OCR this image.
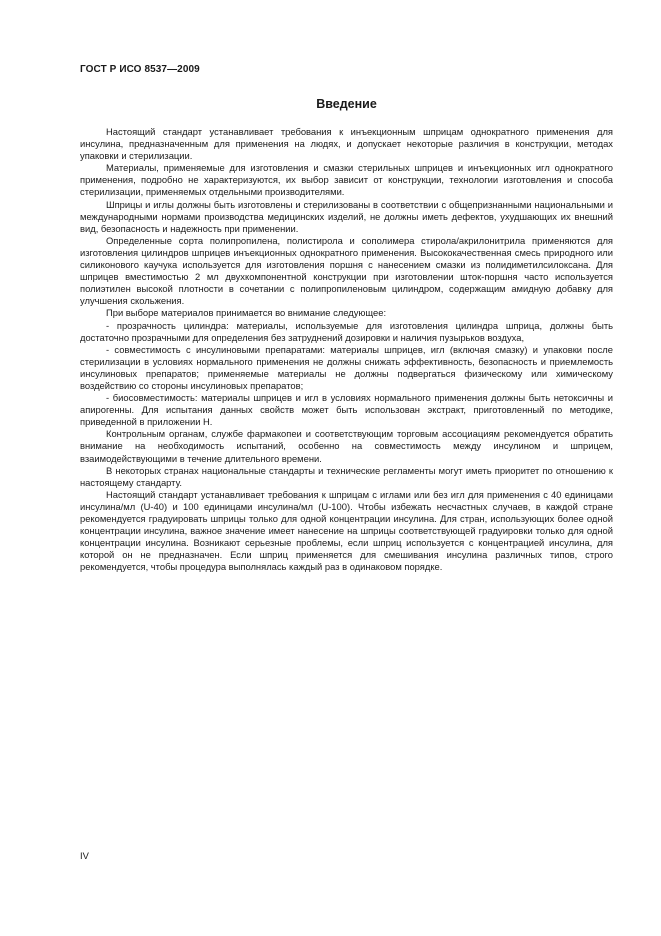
ГОСТ Р ИСО 8537—2009
Введение

Настоящий стандарт устанавливает требования к инъекционным шприцам однократного применения для инсулина, предназначенным для применения на людях, и допускает некоторые различия в конструкции, методах упаковки и стерилизации.

Материалы, применяемые для изготовления и смазки стерильных шприцев и инъекционных игл однократного применения, подробно не характеризуются, их выбор зависит от конструкции, технологии изготовления и способа стерилизации, применяемых отдельными производителями.

Шприцы и иглы должны быть изготовлены и стерилизованы в соответствии с общепризнанными национальными и международными нормами производства медицинских изделий, не должны иметь дефектов, ухудшающих их внешний вид, безопасность и надежность при применении.

Определенные сорта полипропилена, полистирола и сополимера стирола/акрилонитрила применяются для изготовления цилиндров шприцев инъекционных однократного применения. Высококачественная смесь природного или силиконового каучука используется для изготовления поршня с нанесением смазки из полидиметилсилоксана. Для шприцев вместимостью 2 мл двухкомпонентной конструкции при изготовлении шток-поршня часто используется полиэтилен высокой плотности в сочетании с полипропиленовым цилиндром, содержащим амидную добавку для улучшения скольжения.

При выборе материалов принимается во внимание следующее:

- прозрачность цилиндра: материалы, используемые для изготовления цилиндра шприца, должны быть достаточно прозрачными для определения без затруднений дозировки и наличия пузырьков воздуха,

- совместимость с инсулиновыми препаратами: материалы шприцев, игл (включая смазку) и упаковки после стерилизации в условиях нормального применения не должны снижать эффективность, безопасность и приемлемость инсулиновых препаратов; применяемые материалы не должны подвергаться физическому или химическому воздействию со стороны инсулиновых препаратов;

- биосовместимость: материалы шприцев и игл в условиях нормального применения должны быть нетоксичны и апирогенны. Для испытания данных свойств может быть использован экстракт, приготовленный по методике, приведенной в приложении Н.

Контрольным органам, службе фармакопеи и соответствующим торговым ассоциациям рекомендуется обратить внимание на необходимость испытаний, особенно на совместимость между инсулином и шприцем, взаимодействующими в течение длительного времени.

В некоторых странах национальные стандарты и технические регламенты могут иметь приоритет по отношению к настоящему стандарту.

Настоящий стандарт устанавливает требования к шприцам с иглами или без игл для применения с 40 единицами инсулина/мл (U-40) и 100 единицами инсулина/мл (U-100). Чтобы избежать несчастных случаев, в каждой стране рекомендуется градуировать шприцы только для одной концентрации инсулина. Для стран, использующих более одной концентрации инсулина, важное значение имеет нанесение на шприцы соответствующей градуировки только для одной концентрации инсулина. Возникают серьезные проблемы, если шприц используется с концентрацией инсулина, для которой он не предназначен. Если шприц применяется для смешивания инсулина различных типов, строго рекомендуется, чтобы процедура выполнялась каждый раз в одинаковом порядке.

IV
